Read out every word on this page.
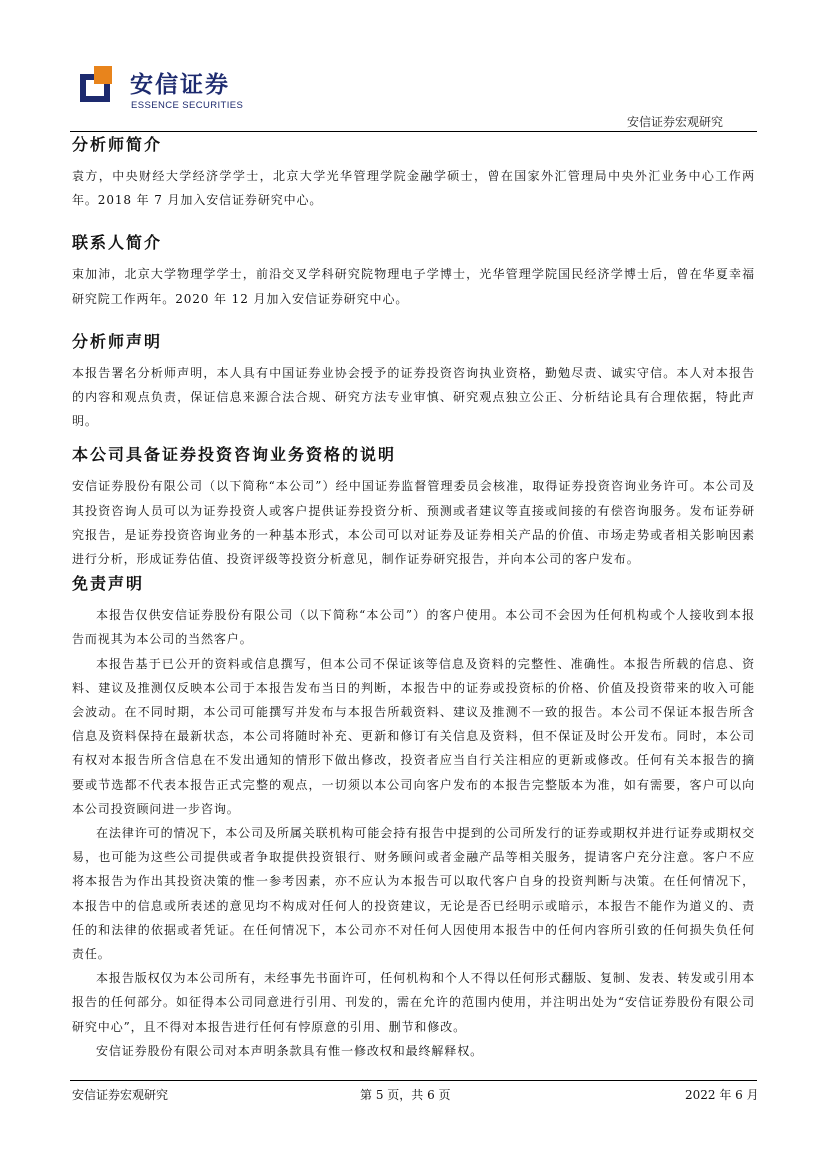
安信证券
ESSENCE SECURITIES
安信证券宏观研究
分析师简介

袁方，中央财经大学经济学学士，北京大学光华管理学院金融学硕士，曾在国家外汇管理局中央外汇业务中心工作两年。2018 年 7 月加入安信证券研究中心。

联系人简介

束加沛，北京大学物理学学士，前沿交叉学科研究院物理电子学博士，光华管理学院国民经济学博士后，曾在华夏幸福研究院工作两年。2020 年 12 月加入安信证券研究中心。

分析师声明

本报告署名分析师声明，本人具有中国证券业协会授予的证券投资咨询执业资格，勤勉尽责、诚实守信。本人对本报告的内容和观点负责，保证信息来源合法合规、研究方法专业审慎、研究观点独立公正、分析结论具有合理依据，特此声明。

本公司具备证券投资咨询业务资格的说明

安信证券股份有限公司（以下简称“本公司”）经中国证券监督管理委员会核准，取得证券投资咨询业务许可。本公司及其投资咨询人员可以为证券投资人或客户提供证券投资分析、预测或者建议等直接或间接的有偿咨询服务。发布证券研究报告，是证券投资咨询业务的一种基本形式，本公司可以对证券及证券相关产品的价值、市场走势或者相关影响因素进行分析，形成证券估值、投资评级等投资分析意见，制作证券研究报告，并向本公司的客户发布。

免责声明

本报告仅供安信证券股份有限公司（以下简称“本公司”）的客户使用。本公司不会因为任何机构或个人接收到本报告而视其为本公司的当然客户。

本报告基于已公开的资料或信息撰写，但本公司不保证该等信息及资料的完整性、准确性。本报告所载的信息、资料、建议及推测仅反映本公司于本报告发布当日的判断，本报告中的证券或投资标的价格、价值及投资带来的收入可能会波动。在不同时期，本公司可能撰写并发布与本报告所载资料、建议及推测不一致的报告。本公司不保证本报告所含信息及资料保持在最新状态，本公司将随时补充、更新和修订有关信息及资料，但不保证及时公开发布。同时，本公司有权对本报告所含信息在不发出通知的情形下做出修改，投资者应当自行关注相应的更新或修改。任何有关本报告的摘要或节选都不代表本报告正式完整的观点，一切须以本公司向客户发布的本报告完整版本为准，如有需要，客户可以向本公司投资顾问进一步咨询。

在法律许可的情况下，本公司及所属关联机构可能会持有报告中提到的公司所发行的证券或期权并进行证券或期权交易，也可能为这些公司提供或者争取提供投资银行、财务顾问或者金融产品等相关服务，提请客户充分注意。客户不应将本报告为作出其投资决策的惟一参考因素，亦不应认为本报告可以取代客户自身的投资判断与决策。在任何情况下，本报告中的信息或所表述的意见均不构成对任何人的投资建议，无论是否已经明示或暗示，本报告不能作为道义的、责任的和法律的依据或者凭证。在任何情况下，本公司亦不对任何人因使用本报告中的任何内容所引致的任何损失负任何责任。

本报告版权仅为本公司所有，未经事先书面许可，任何机构和个人不得以任何形式翻版、复制、发表、转发或引用本报告的任何部分。如征得本公司同意进行引用、刊发的，需在允许的范围内使用，并注明出处为“安信证券股份有限公司研究中心”，且不得对本报告进行任何有悖原意的引用、删节和修改。

安信证券股份有限公司对本声明条款具有惟一修改权和最终解释权。

安信证券宏观研究	第 5 页，共 6 页	2022 年 6 月
